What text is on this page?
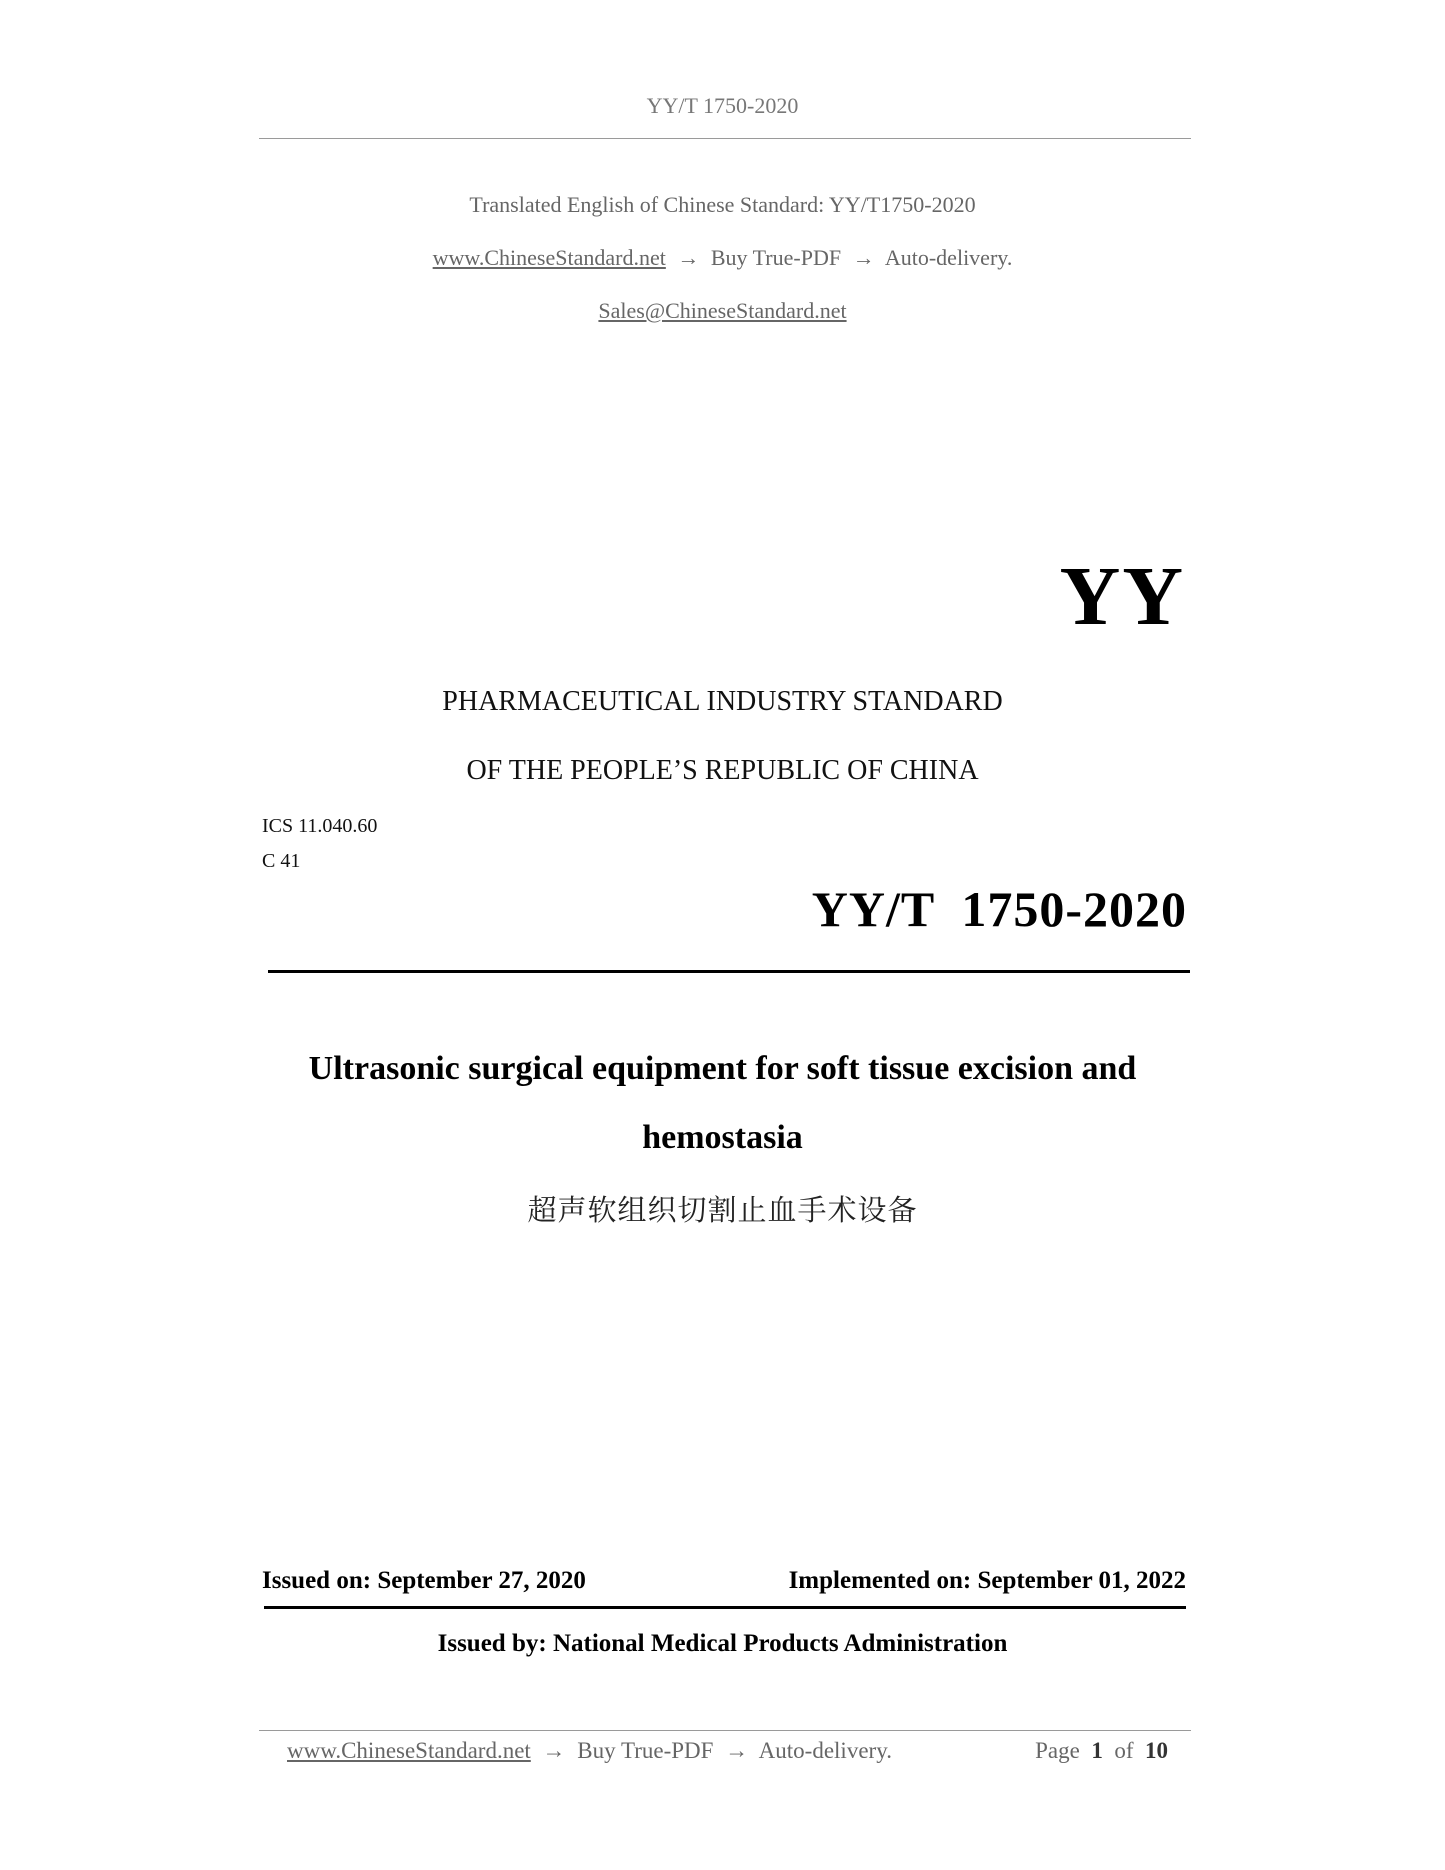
YY/T 1750-2020
Translated English of Chinese Standard: YY/T1750-2020
www.ChineseStandard.net → Buy True-PDF → Auto-delivery.
Sales@ChineseStandard.net
YY
PHARMACEUTICAL INDUSTRY STANDARD
OF THE PEOPLE’S REPUBLIC OF CHINA
ICS 11.040.60
C 41
YY/T  1750-2020
Ultrasonic surgical equipment for soft tissue excision and
hemostasia
超声软组织切割止血手术设备
Issued on: September 27, 2020	Implemented on: September 01, 2022
Issued by: National Medical Products Administration
www.ChineseStandard.net → Buy True-PDF → Auto-delivery.	Page 1 of 10
